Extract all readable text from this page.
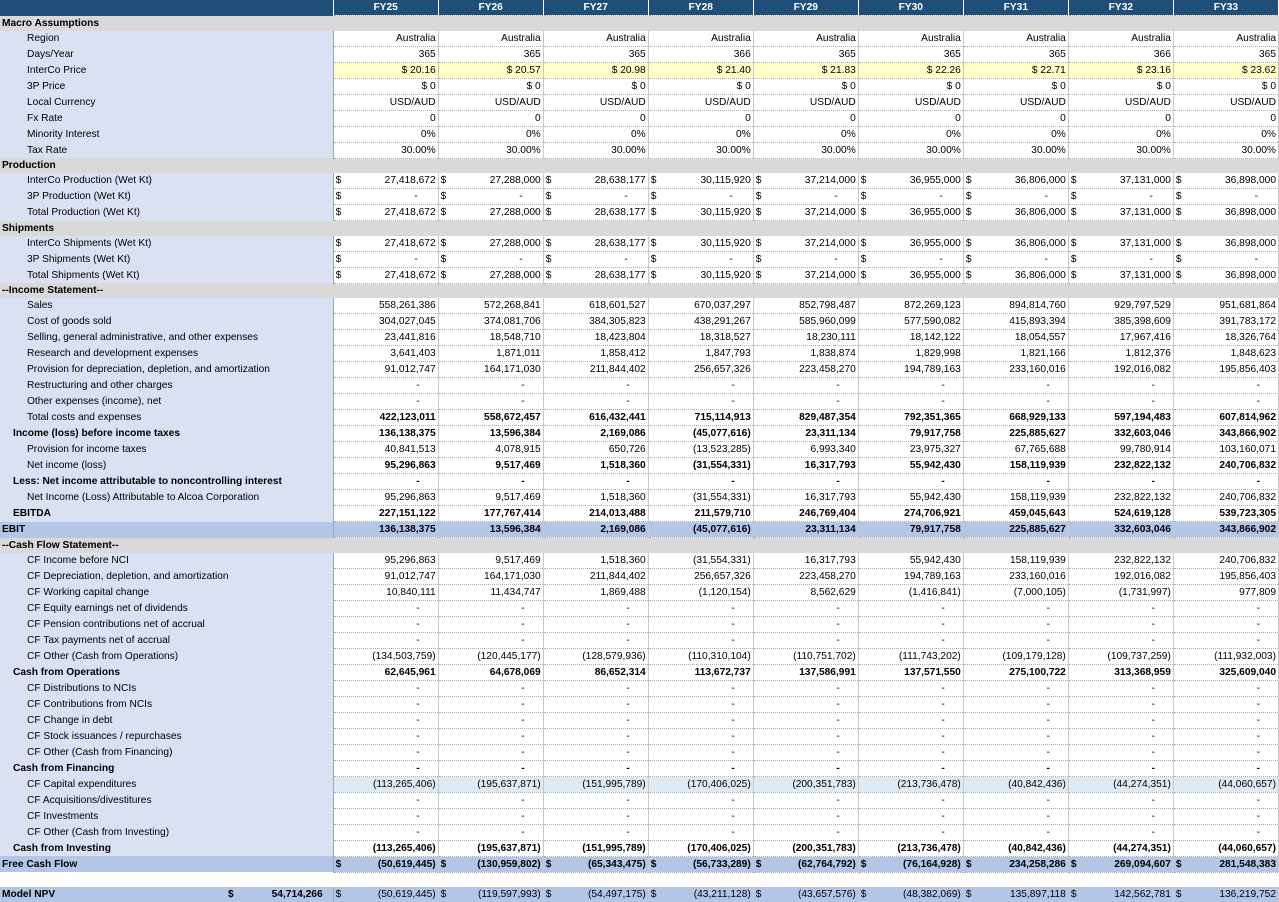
	FY25	FY26	FY27	FY28	FY29	FY30	FY31	FY32	FY33
Macro Assumptions									
Region	Australia	Australia	Australia	Australia	Australia	Australia	Australia	Australia	Australia
Days/Year	365	365	365	366	365	365	365	366	365
InterCo Price	$ 20.16	$ 20.57	$ 20.98	$ 21.40	$ 21.83	$ 22.26	$ 22.71	$ 23.16	$ 23.62
3P Price	$ 0	$ 0	$ 0	$ 0	$ 0	$ 0	$ 0	$ 0	$ 0
Local Currency	USD/AUD	USD/AUD	USD/AUD	USD/AUD	USD/AUD	USD/AUD	USD/AUD	USD/AUD	USD/AUD
Fx Rate	0	0	0	0	0	0	0	0	0
Minority Interest	0%	0%	0%	0%	0%	0%	0%	0%	0%
Tax Rate	30.00%	30.00%	30.00%	30.00%	30.00%	30.00%	30.00%	30.00%	30.00%
Production									
InterCo Production (Wet Kt)	$ 27,418,672	$ 27,288,000	$ 28,638,177	$ 30,115,920	$ 37,214,000	$ 36,955,000	$ 36,806,000	$ 37,131,000	$ 36,898,000

3P Production (Wet Kt)	$ -	$ -	$ -	$ -	$ -	$ -	$ -	$ -	$ -

Total Production (Wet Kt)	$ 27,418,672	$ 27,288,000	$ 28,638,177	$ 30,115,920	$ 37,214,000	$ 36,955,000	$ 36,806,000	$ 37,131,000	$ 36,898,000

Shipments									
InterCo Shipments (Wet Kt)	$ 27,418,672	$ 27,288,000	$ 28,638,177	$ 30,115,920	$ 37,214,000	$ 36,955,000	$ 36,806,000	$ 37,131,000	$ 36,898,000

3P Shipments (Wet Kt)	$ -	$ -	$ -	$ -	$ -	$ -	$ -	$ -	$ -

Total Shipments (Wet Kt)	$ 27,418,672	$ 27,288,000	$ 28,638,177	$ 30,115,920	$ 37,214,000	$ 36,955,000	$ 36,806,000	$ 37,131,000	$ 36,898,000

--Income Statement--									
Sales	558,261,386	572,268,841	618,601,527	670,037,297	852,798,487	872,269,123	894,814,760	929,797,529	951,681,864
Cost of goods sold	304,027,045	374,081,706	384,305,823	438,291,267	585,960,099	577,590,082	415,893,394	385,398,609	391,783,172
Selling, general administrative, and other expenses	23,441,816	18,548,710	18,423,804	18,318,527	18,230,111	18,142,122	18,054,557	17,967,416	18,326,764
Research and development expenses	3,641,403	1,871,011	1,858,412	1,847,793	1,838,874	1,829,998	1,821,166	1,812,376	1,848,623
Provision for depreciation, depletion, and amortization	91,012,747	164,171,030	211,844,402	256,657,326	223,458,270	194,789,163	233,160,016	192,016,082	195,856,403
Restructuring and other charges	-	-	-	-	-	-	-	-	-
Other expenses (income), net	-	-	-	-	-	-	-	-	-
Total costs and expenses	422,123,011	558,672,457	616,432,441	715,114,913	829,487,354	792,351,365	668,929,133	597,194,483	607,814,962
Income (loss) before income taxes	136,138,375	13,596,384	2,169,086	(45,077,616)	23,311,134	79,917,758	225,885,627	332,603,046	343,866,902
Provision for income taxes	40,841,513	4,078,915	650,726	(13,523,285)	6,993,340	23,975,327	67,765,688	99,780,914	103,160,071
Net income (loss)	95,296,863	9,517,469	1,518,360	(31,554,331)	16,317,793	55,942,430	158,119,939	232,822,132	240,706,832
Less: Net income attributable to noncontrolling interest	-	-	-	-	-	-	-	-	-
Net Income (Loss) Attributable to Alcoa Corporation	95,296,863	9,517,469	1,518,360	(31,554,331)	16,317,793	55,942,430	158,119,939	232,822,132	240,706,832
EBITDA	227,151,122	177,767,414	214,013,488	211,579,710	246,769,404	274,706,921	459,045,643	524,619,128	539,723,305
EBIT	136,138,375	13,596,384	2,169,086	(45,077,616)	23,311,134	79,917,758	225,885,627	332,603,046	343,866,902
--Cash Flow Statement--									
CF Income before NCI	95,296,863	9,517,469	1,518,360	(31,554,331)	16,317,793	55,942,430	158,119,939	232,822,132	240,706,832
CF Depreciation, depletion, and amortization	91,012,747	164,171,030	211,844,402	256,657,326	223,458,270	194,789,163	233,160,016	192,016,082	195,856,403
CF Working capital change	10,840,111	11,434,747	1,869,488	(1,120,154)	8,562,629	(1,416,841)	(7,000,105)	(1,731,997)	977,809
CF Equity earnings net of dividends	-	-	-	-	-	-	-	-	-
CF Pension contributions net of accrual	-	-	-	-	-	-	-	-	-
CF Tax payments net of accrual	-	-	-	-	-	-	-	-	-
CF Other (Cash from Operations)	(134,503,759)	(120,445,177)	(128,579,936)	(110,310,104)	(110,751,702)	(111,743,202)	(109,179,128)	(109,737,259)	(111,932,003)
Cash from Operations	62,645,961	64,678,069	86,652,314	113,672,737	137,586,991	137,571,550	275,100,722	313,368,959	325,609,040
CF Distributions to NCIs	-	-	-	-	-	-	-	-	-
CF Contributions from NCIs	-	-	-	-	-	-	-	-	-
CF Change in debt	-	-	-	-	-	-	-	-	-
CF Stock issuances / repurchases	-	-	-	-	-	-	-	-	-
CF Other (Cash from Financing)	-	-	-	-	-	-	-	-	-
Cash from Financing	-	-	-	-	-	-	-	-	-
CF Capital expenditures	(113,265,406)	(195,637,871)	(151,995,789)	(170,406,025)	(200,351,783)	(213,736,478)	(40,842,436)	(44,274,351)	(44,060,657)
CF Acquisitions/divestitures	-	-	-	-	-	-	-	-	-
CF Investments	-	-	-	-	-	-	-	-	-
CF Other (Cash from Investing)	-	-	-	-	-	-	-	-	-
Cash from Investing	(113,265,406)	(195,637,871)	(151,995,789)	(170,406,025)	(200,351,783)	(213,736,478)	(40,842,436)	(44,274,351)	(44,060,657)
Free Cash Flow	$ (50,619,445)	$ (130,959,802)	$ (65,343,475)	$ (56,733,289)	$ (62,764,792)	$ (76,164,928)	$ 234,258,286	$ 269,094,607	$ 281,548,383

Model NPV $ 54,714,266	$ (50,619,445)	$ (119,597,993)	$ (54,497,175)	$ (43,211,128)	$ (43,657,576)	$ (48,382,069)	$ 135,897,118	$ 142,562,781	$ 136,219,752
